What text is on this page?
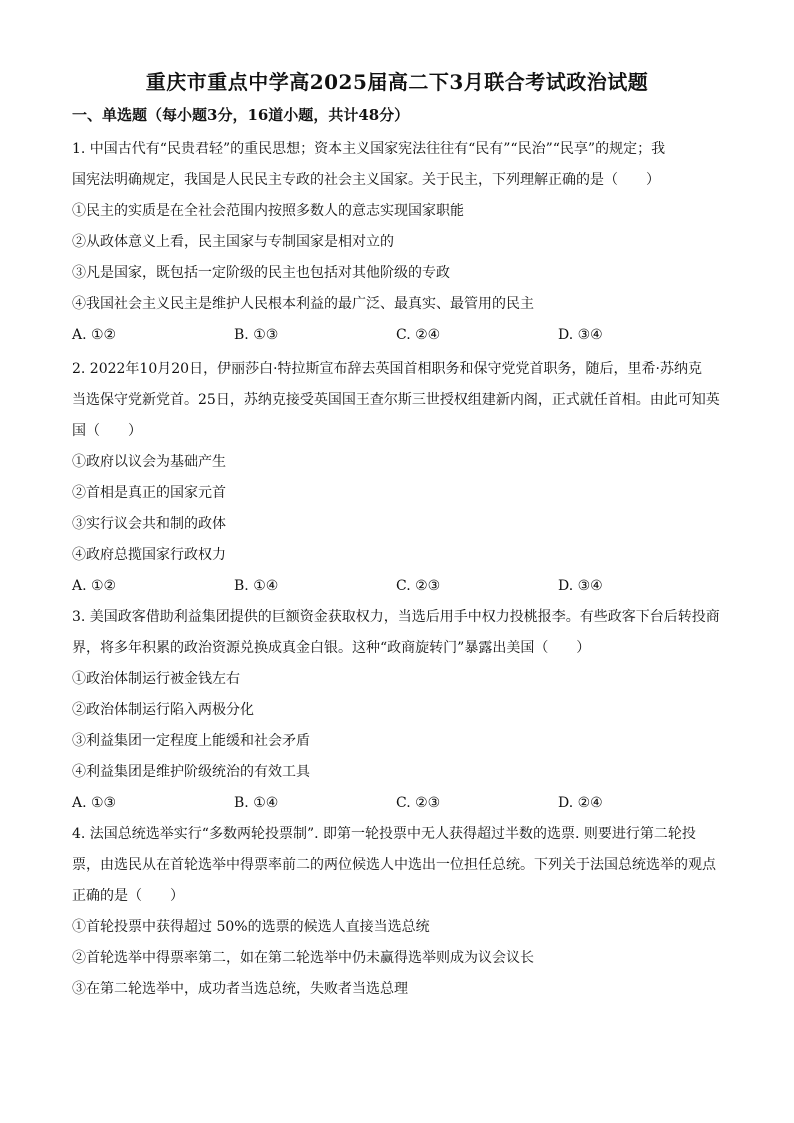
重庆市重点中学高2025届高二下3月联合考试政治试题
一、单选题（每小题3分，16道小题，共计48分）

1. 中国古代有“民贵君轻”的重民思想；资本主义国家宪法往往有“民有”“民治”“民享”的规定；我

国宪法明确规定，我国是人民民主专政的社会主义国家。关于民主，下列理解正确的是（　　）

①民主的实质是在全社会范围内按照多数人的意志实现国家职能

②从政体意义上看，民主国家与专制国家是相对立的

③凡是国家，既包括一定阶级的民主也包括对其他阶级的专政

④我国社会主义民主是维护人民根本利益的最广泛、最真实、最管用的民主

A. ①②	B. ①③	C. ②④	D. ③④

2. 2022年10月20日，伊丽莎白·特拉斯宣布辞去英国首相职务和保守党党首职务，随后，里希·苏纳克

当选保守党新党首。25日，苏纳克接受英国国王查尔斯三世授权组建新内阁，正式就任首相。由此可知英

国（　　）

①政府以议会为基础产生

②首相是真正的国家元首

③实行议会共和制的政体

④政府总揽国家行政权力

A. ①②	B. ①④	C. ②③	D. ③④

3. 美国政客借助利益集团提供的巨额资金获取权力，当选后用手中权力投桃报李。有些政客下台后转投商

界，将多年积累的政治资源兑换成真金白银。这种“政商旋转门”暴露出美国（　　）

①政治体制运行被金钱左右

②政治体制运行陷入两极分化

③利益集团一定程度上能缓和社会矛盾

④利益集团是维护阶级统治的有效工具

A. ①③	B. ①④	C. ②③	D. ②④

4. 法国总统选举实行“多数两轮投票制”. 即第一轮投票中无人获得超过半数的选票. 则要进行第二轮投

票，由选民从在首轮选举中得票率前二的两位候选人中选出一位担任总统。下列关于法国总统选举的观点

正确的是（　　）

①首轮投票中获得超过 50%的选票的候选人直接当选总统

②首轮选举中得票率第二，如在第二轮选举中仍未赢得选举则成为议会议长

③在第二轮选举中，成功者当选总统，失败者当选总理
